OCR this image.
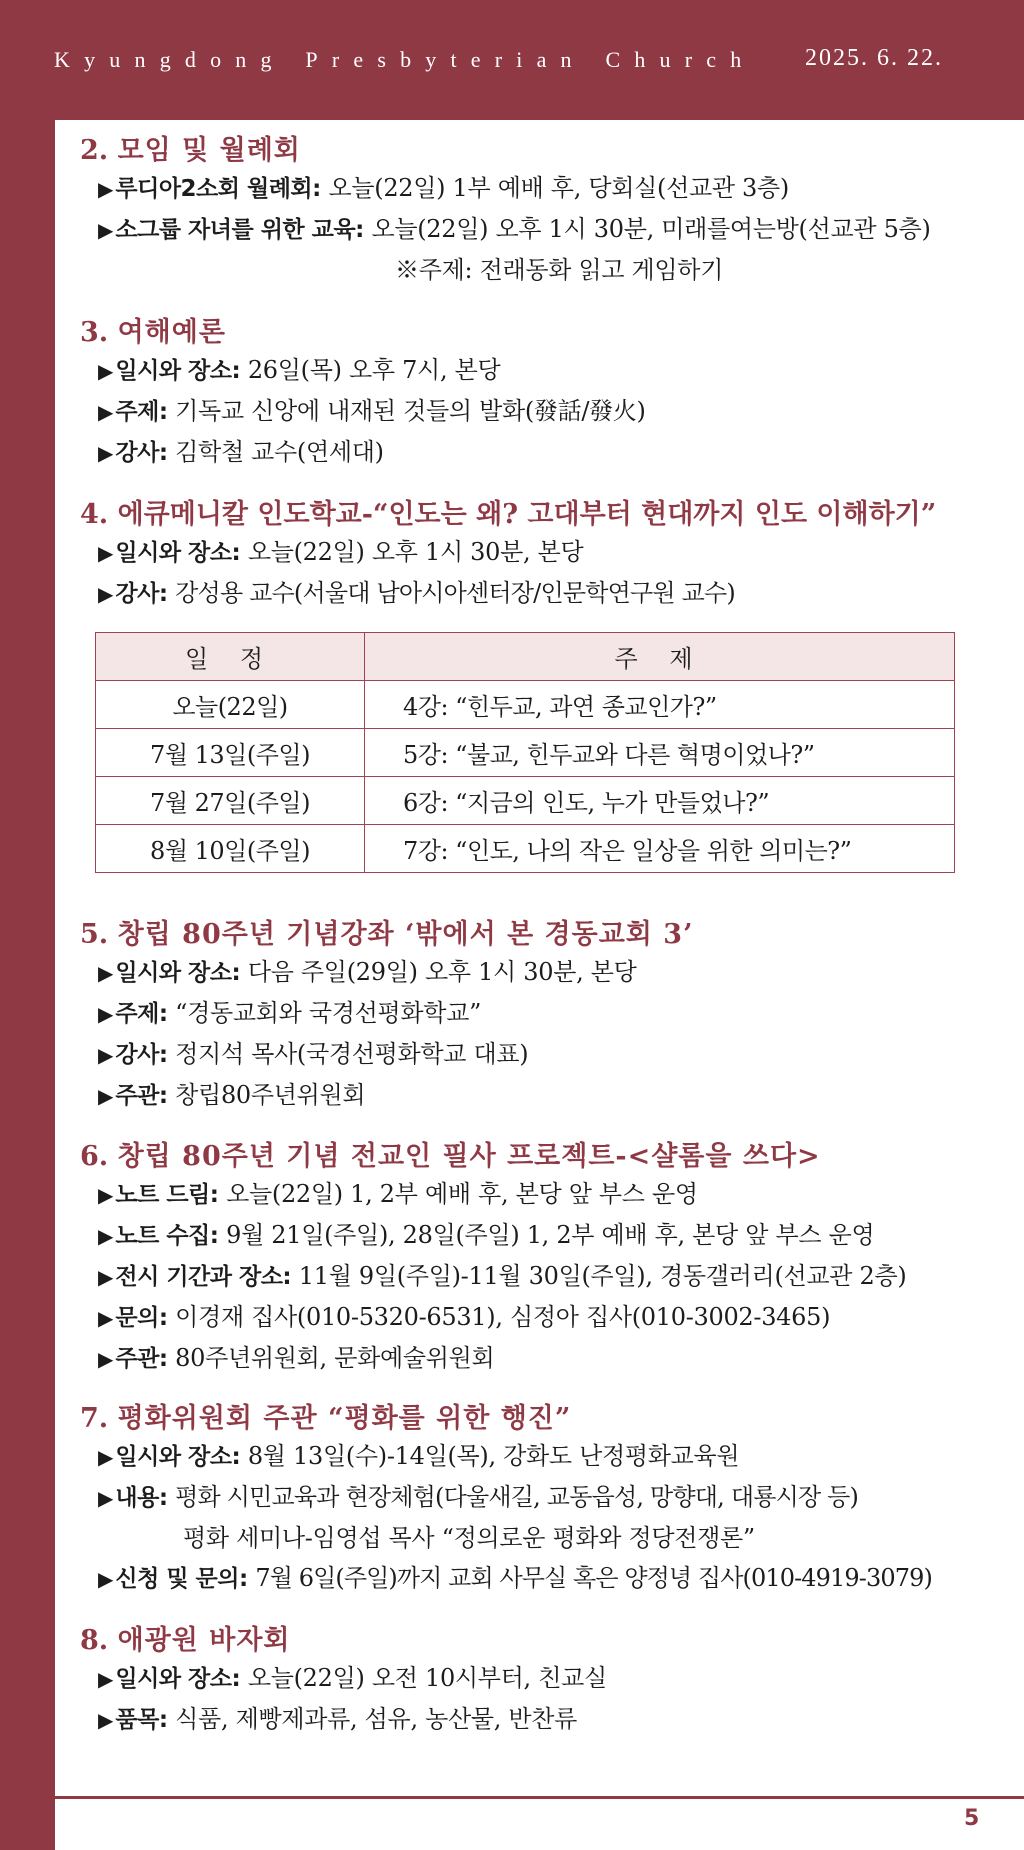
Kyungdong Presbyterian Church 2025. 6. 22.
2. 모임 및 월례회
▶루디아2소회 월례회: 오늘(22일) 1부 예배 후, 당회실(선교관 3층)
▶소그룹 자녀를 위한 교육: 오늘(22일) 오후 1시 30분, 미래를여는방(선교관 5층)
※주제: 전래동화 읽고 게임하기
3. 여해예론
▶일시와 장소: 26일(목) 오후 7시, 본당
▶주제: 기독교 신앙에 내재된 것들의 발화(發話/發火)
▶강사: 김학철 교수(연세대)
4. 에큐메니칼 인도학교-“인도는 왜? 고대부터 현대까지 인도 이해하기”
▶일시와 장소: 오늘(22일) 오후 1시 30분, 본당
▶강사: 강성용 교수(서울대 남아시아센터장/인문학연구원 교수)
일 정	주 제
오늘(22일)	4강: “힌두교, 과연 종교인가?”
7월 13일(주일)	5강: “불교, 힌두교와 다른 혁명이었나?”
7월 27일(주일)	6강: “지금의 인도, 누가 만들었나?”
8월 10일(주일)	7강: “인도, 나의 작은 일상을 위한 의미는?”
5. 창립 80주년 기념강좌 ‘밖에서 본 경동교회 3’
▶일시와 장소: 다음 주일(29일) 오후 1시 30분, 본당
▶주제: “경동교회와 국경선평화학교”
▶강사: 정지석 목사(국경선평화학교 대표)
▶주관: 창립80주년위원회
6. 창립 80주년 기념 전교인 필사 프로젝트-<샬롬을 쓰다>
▶노트 드림: 오늘(22일) 1, 2부 예배 후, 본당 앞 부스 운영
▶노트 수집: 9월 21일(주일), 28일(주일) 1, 2부 예배 후, 본당 앞 부스 운영
▶전시 기간과 장소: 11월 9일(주일)-11월 30일(주일), 경동갤러리(선교관 2층)
▶문의: 이경재 집사(010-5320-6531), 심정아 집사(010-3002-3465)
▶주관: 80주년위원회, 문화예술위원회
7. 평화위원회 주관 “평화를 위한 행진”
▶일시와 장소: 8월 13일(수)-14일(목), 강화도 난정평화교육원
▶내용: 평화 시민교육과 현장체험(다울새길, 교동읍성, 망향대, 대룡시장 등)
평화 세미나-임영섭 목사 “정의로운 평화와 정당전쟁론”
▶신청 및 문의: 7월 6일(주일)까지 교회 사무실 혹은 양정녕 집사(010-4919-3079)
8. 애광원 바자회
▶일시와 장소: 오늘(22일) 오전 10시부터, 친교실
▶품목: 식품, 제빵제과류, 섬유, 농산물, 반찬류
5
